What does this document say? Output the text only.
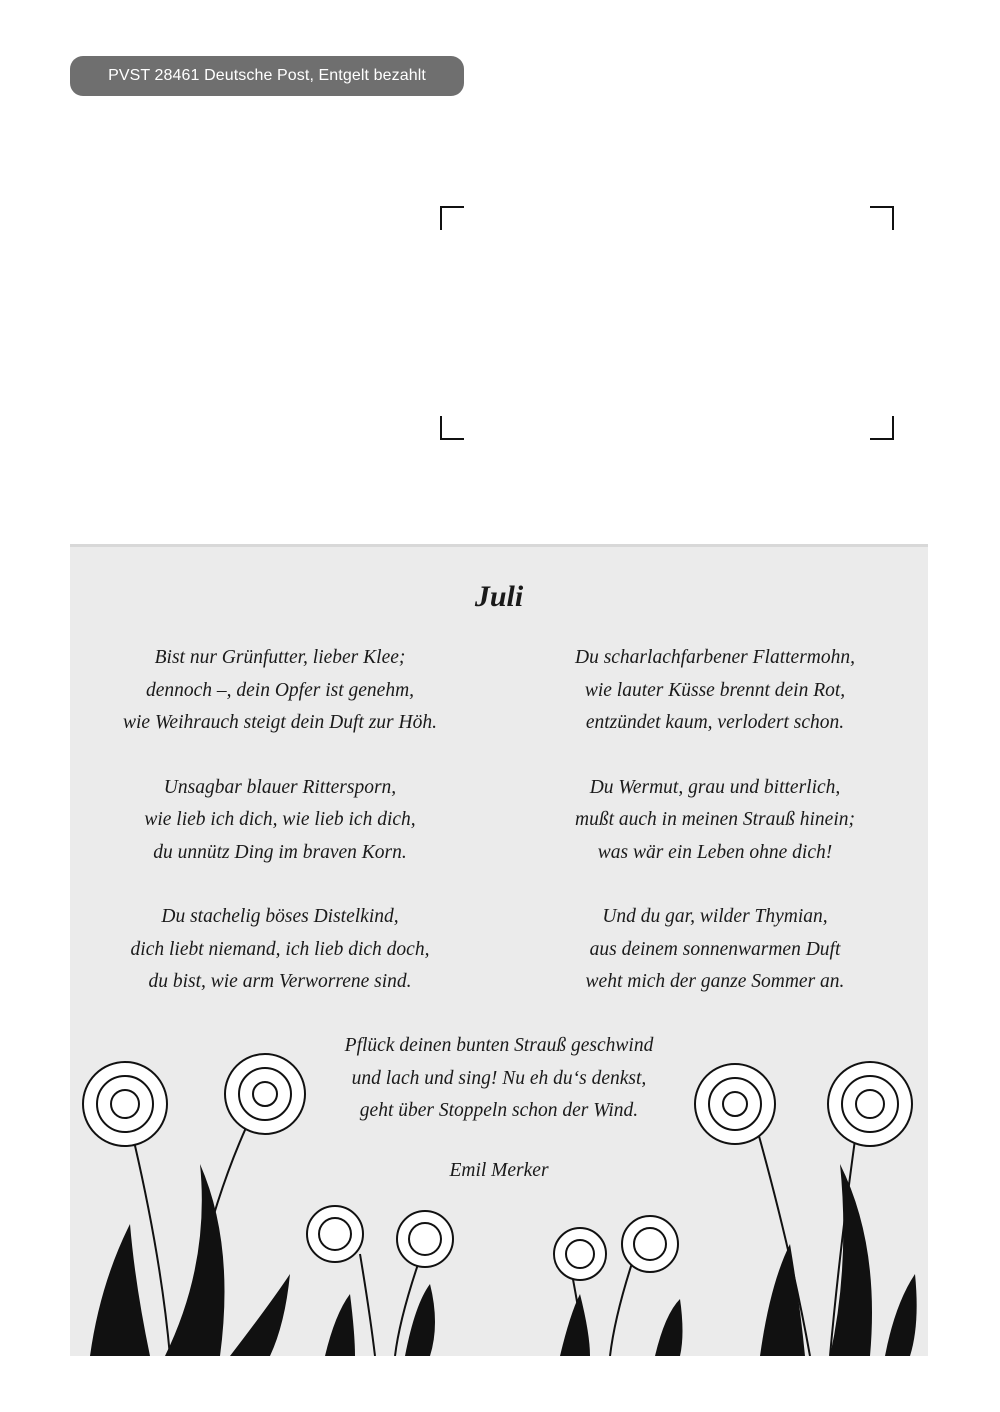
PVST 28461 Deutsche Post, Entgelt bezahlt
Juli
Bist nur Grünfutter, lieber Klee;
dennoch –, dein Opfer ist genehm,
wie Weihrauch steigt dein Duft zur Höh.
Unsagbar blauer Rittersporn,
wie lieb ich dich, wie lieb ich dich,
du unnütz Ding im braven Korn.
Du stachelig böses Distelkind,
dich liebt niemand, ich lieb dich doch,
du bist, wie arm Verworrene sind.
Du scharlachfarbener Flattermohn,
wie lauter Küsse brennt dein Rot,
entzündet kaum, verlodert schon.
Du Wermut, grau und bitterlich,
mußt auch in meinen Strauß hinein;
was wär ein Leben ohne dich!
Und du gar, wilder Thymian,
aus deinem sonnenwarmen Duft
weht mich der ganze Sommer an.
Pflück deinen bunten Strauß geschwind
und lach und sing! Nu eh du‘s denkst,
geht über Stoppeln schon der Wind.
Emil Merker
